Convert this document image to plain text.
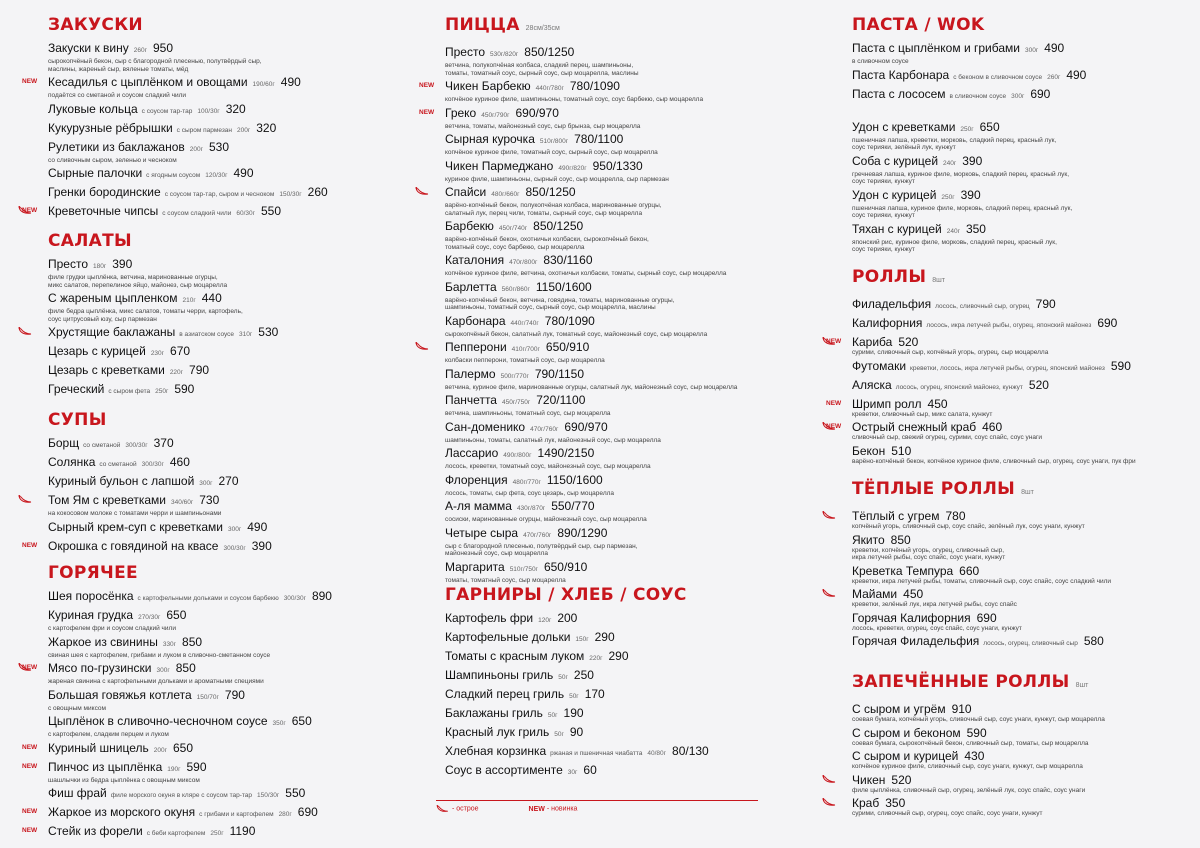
ЗАКУСКИ
Закуски к вину 260г 950
сырокопчёный бекон, сыр с благородной плесенью, полутвёрдый сыр,
маслины, жареный сыр, вяленые томаты, мёд
NEW Кесадилья с цыплёнком и овощами 190/60г 490
подаётся со сметаной и соусом сладкий чили
Луковые кольца с соусом тар-тар 100/30г 320
Кукурузные рёбрышки с сыром пармезан 200г 320
Рулетики из баклажанов 200г 530
со сливочным сыром, зеленью и чесноком
Сырные палочки с ягодным соусом 120/30г 490
Гренки бородинские с соусом тар-тар, сыром и чесноком 150/30г 260
NEW Креветочные чипсы с соусом сладкий чили 60/30г 550
САЛАТЫ
Престо 180г 390
филе грудки цыплёнка, ветчина, маринованные огурцы,
микс салатов, перепелиное яйцо, майонез, сыр моцарелла
С жареным цыпленком 210г 440
филе бедра цыплёнка, микс салатов, томаты черри, картофель,
соус цитрусовый юзу, сыр пармезан
Хрустящие баклажаны в азиатском соусе 310г 530
Цезарь с курицей 230г 670
Цезарь с креветками 220г 790
Греческий с сыром фета 250г 590
СУПЫ
Борщ со сметаной 300/30г 370
Солянка со сметаной 300/30г 460
Куриный бульон с лапшой 300г 270
Том Ям с креветками 340/60г 730
на кокосовом молоке с томатами черри и шампиньонами
Сырный крем-суп с креветками 300г 490
NEW Окрошка с говядиной на квасе 300/30г 390
ГОРЯЧЕЕ
Шея поросёнка с картофельными дольками и соусом барбекю 300/30г 890
Куриная грудка 270/30г 650
с картофелем фри и соусом сладкий чили
Жаркое из свинины 330г 850
свиная шея с картофелем, грибами и луком в сливочно-сметанном соусе
NEW Мясо по-грузински 300г 850
жареная свинина с картофельными дольками и ароматными специями
Большая говяжья котлета 150/70г 790
с овощным миксом
Цыплёнок в сливочно-чесночном соусе 350г 650
с картофелем, сладким перцем и луком
NEW Куриный шницель 200г 650
NEW Пинчос из цыплёнка 190г 590
шашлычки из бедра цыплёнка с овощным миксом
Фиш фрай филе морского окуня в кляре с соусом тар-тар 150/30г 550
NEW Жаркое из морского окуня с грибами и картофелем 280г 690
NEW Стейк из форели с беби картофелем 250г 1190
ПИЦЦА 28см/35см
Престо 530г/820г 850/1250
ветчина, полукопчёная колбаса, сладкий перец, шампиньоны,
томаты, томатный соус, сырный соус, сыр моцарелла, маслины
NEW Чикен Барбекю 440г/780г 780/1090
копчёное куриное филе, шампиньоны, томатный соус, соус барбекю, сыр моцарелла
NEW Греко 450г/790г 690/970
ветчина, томаты, майонезный соус, сыр брынза, сыр моцарелла
Сырная курочка 510г/800г 780/1100
копчёное куриное филе, томатный соус, сырный соус, сыр моцарелла
Чикен Пармеджано 490г/820г 950/1330
куриное филе, шампиньоны, сырный соус, сыр моцарелла, сыр пармезан
Спайси 480г/660г 850/1250
варёно-копчёный бекон, полукопчёная колбаса, маринованные огурцы,
салатный лук, перец чили, томаты, сырный соус, сыр моцарелла
Барбекю 450г/740г 850/1250
варёно-копчёный бекон, охотничьи колбаски, сырокопчёный бекон,
томатный соус, соус барбекю, сыр моцарелла
Каталония 470г/800г 830/1160
копчёное куриное филе, ветчина, охотничьи колбаски, томаты, сырный соус, сыр моцарелла
Барлетта 560г/860г 1150/1600
варёно-копчёный бекон, ветчина, говядина, томаты, маринованные огурцы,
шампиньоны, томатный соус, сырный соус, сыр моцарелла, маслины
Карбонара 440г/740г 780/1090
сырокопчёный бекон, салатный лук, томатный соус, майонезный соус, сыр моцарелла
Пепперони 410г/700г 650/910
колбаски пепперони, томатный соус, сыр моцарелла
Палермо 500г/770г 790/1150
ветчина, куриное филе, маринованные огурцы, салатный лук, майонезный соус, сыр моцарелла
Панчетта 450г/750г 720/1100
ветчина, шампиньоны, томатный соус, сыр моцарелла
Сан-доменико 470г/760г 690/970
шампиньоны, томаты, салатный лук, майонезный соус, сыр моцарелла
Лассарио 490г/800г 1490/2150
лосось, креветки, томатный соус, майонезный соус, сыр моцарелла
Флоренция 480г/770г 1150/1600
лосось, томаты, сыр фета, соус цезарь, сыр моцарелла
А-ля мамма 430г/870г 550/770
сосиски, маринованные огурцы, майонезный соус, сыр моцарелла
Четыре сыра 470г/760г 890/1290
сыр с благородной плесенью, полутвёрдый сыр, сыр пармезан,
майонезный соус, сыр моцарелла
Маргарита 510г/750г 650/910
томаты, томатный соус, сыр моцарелла
ГАРНИРЫ / ХЛЕБ / СОУС
Картофель фри 120г 200
Картофельные дольки 150г 290
Томаты с красным луком 220г 290
Шампиньоны гриль 50г 250
Сладкий перец гриль 50г 170
Баклажаны гриль 50г 190
Красный лук гриль 50г 90
Хлебная корзинка ржаная и пшеничная чиабатта 40/80г 80/130
Соус в ассортименте 30г 60
ПАСТА / WOK
Паста с цыплёнком и грибами 300г 490
в сливочном соусе
Паста Карбонара с беконом в сливочном соусе 260г 490
Паста с лососем в сливочном соусе 300г 690
Удон с креветками 250г 650
пшеничная лапша, креветки, морковь, сладкий перец, красный лук,
соус терияки, зелёный лук, кунжут
Соба с курицей 240г 390
гречневая лапша, куриное филе, морковь, сладкий перец, красный лук,
соус терияки, кунжут
Удон с курицей 250г 390
пшеничная лапша, куриное филе, морковь, сладкий перец, красный лук,
соус терияки, кунжут
Тяхан с курицей 240г 350
японский рис, куриное филе, морковь, сладкий перец, красный лук,
соус терияки, кунжут
РОЛЛЫ 8шт
Филадельфия лосось, сливочный сыр, огурец 790
Калифорния лосось, икра летучей рыбы, огурец, японский майонез 690
NEW Кариба 520
сурими, сливочный сыр, копчёный угорь, огурец, сыр моцарелла
Футомаки креветки, лосось, икра летучей рыбы, огурец, японский майонез 590
Аляска лосось, огурец, японский майонез, кунжут 520
NEW Шримп ролл 450
креветки, сливочный сыр, микс салата, кунжут
NEW Острый снежный краб 460
сливочный сыр, свежий огурец, сурими, соус спайс, соус унаги
Бекон 510
варёно-копчёный бекон, копчёное куриное филе, сливочный сыр, огурец, соус унаги, пук фри
ТЁПЛЫЕ РОЛЛЫ 8шт
Тёплый с угрем 780
копчёный угорь, сливочный сыр, соус спайс, зелёный лук, соус унаги, кунжут
Якито 850
креветки, копчёный угорь, огурец, сливочный сыр,
икра летучей рыбы, соус спайс, соус унаги, кунжут
Креветка Темпура 660
креветки, икра летучей рыбы, томаты, сливочный сыр, соус спайс, соус сладкий чили
Майами 450
креветки, зелёный лук, икра летучей рыбы, соус спайс
Горячая Калифорния 690
лосось, креветки, огурец, соус спайс, соус унаги, кунжут
Горячая Филадельфия лосось, огурец, сливочный сыр 580
ЗАПЕЧЁННЫЕ РОЛЛЫ 8шт
С сыром и угрём 910
соевая бумага, копчёный угорь, сливочный сыр, соус унаги, кунжут, сыр моцарелла
С сыром и беконом 590
соевая бумага, сырокопчёный бекон, сливочный сыр, томаты, сыр моцарелла
С сыром и курицей 430
копчёное куриное филе, сливочный сыр, соус унаги, кунжут, сыр моцарелла
Чикен 520
филе цыплёнка, сливочный сыр, огурец, зелёный лук, соус спайс, соус унаги
Краб 350
сурими, сливочный сыр, огурец, соус спайс, соус унаги, кунжут
- острое	NEW - новинка
